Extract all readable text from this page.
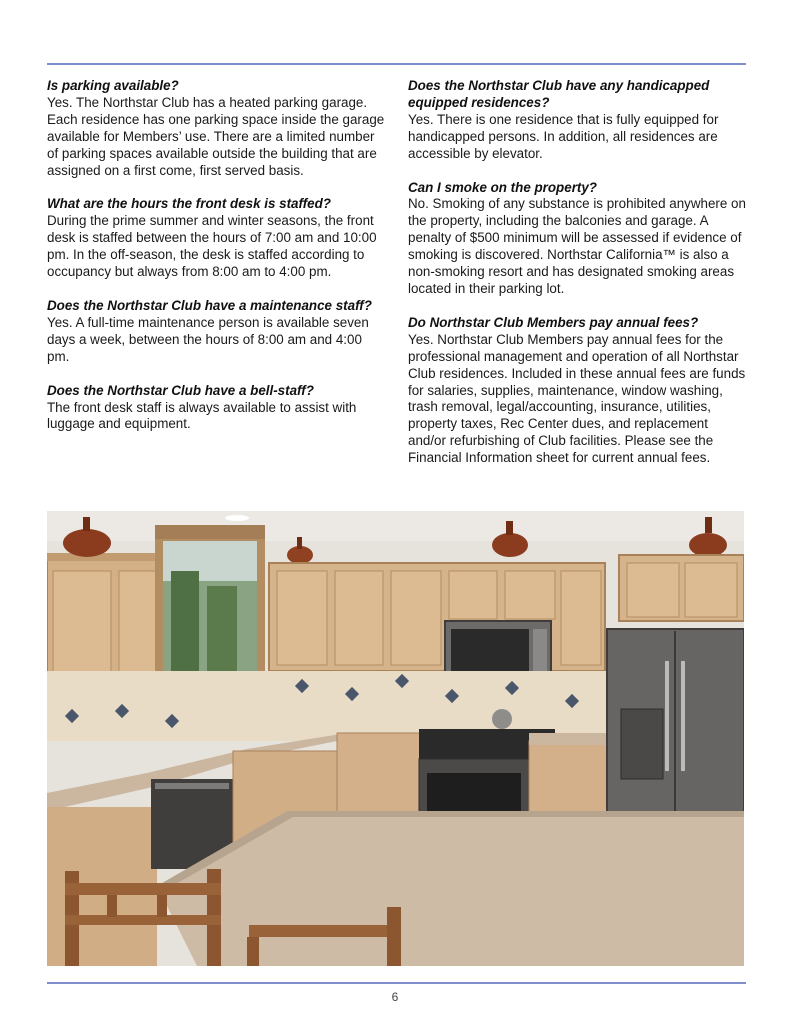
Is parking available?

Yes. The Northstar Club has a heated parking garage. Each residence has one parking space inside the garage available for Members’ use. There are a limited number of parking spaces available outside the building that are assigned on a first come, first served basis.

What are the hours the front desk is staffed?

During the prime summer and winter seasons, the front desk is staffed between the hours of 7:00 am and 10:00 pm. In the off-season, the desk is staffed according to occupancy but always from 8:00 am to 4:00 pm.

Does the Northstar Club have a maintenance staff?

Yes. A full-time maintenance person is available seven days a week, between the hours of 8:00 am and 4:00 pm.

Does the Northstar Club have a bell-staff?

The front desk staff is always available to assist with luggage and equipment.

Does the Northstar Club have any handicapped equipped residences?

Yes. There is one residence that is fully equipped for handicapped persons. In addition, all residences are accessible by elevator.

Can I smoke on the property?

No. Smoking of any substance is prohibited anywhere on the property, including the balconies and garage. A penalty of $500 minimum will be assessed if evidence of smoking is discovered. Northstar California™ is also a non-smoking resort and has designated smoking areas located in their parking lot.

Do Northstar Club Members pay annual fees?

Yes. Northstar Club Members pay annual fees for the professional management and operation of all Northstar Club residences. Included in these annual fees are funds for salaries, supplies, maintenance, window washing, trash removal, legal/accounting, insurance, utilities, property taxes, Rec Center dues, and replacement and/or refurbishing of Club facilities. Please see the Financial Information sheet for current annual fees.

6
